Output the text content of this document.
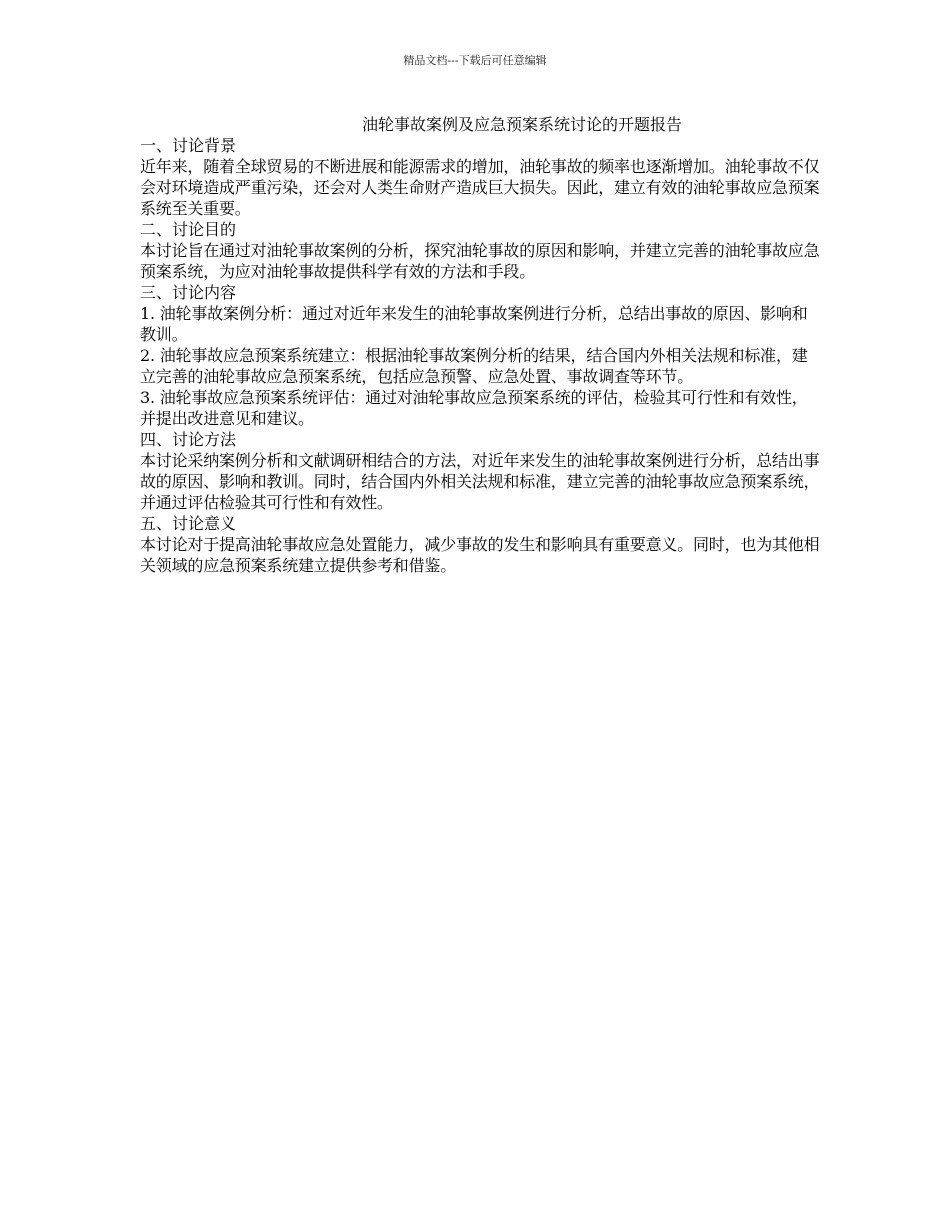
精品文档---下载后可任意编辑
油轮事故案例及应急预案系统讨论的开题报告

一、讨论背景

近年来，随着全球贸易的不断进展和能源需求的增加，油轮事故的频率也逐渐增加。油轮事故不仅会对环境造成严重污染，还会对人类生命财产造成巨大损失。因此，建立有效的油轮事故应急预案系统至关重要。

二、讨论目的

本讨论旨在通过对油轮事故案例的分析，探究油轮事故的原因和影响，并建立完善的油轮事故应急预案系统，为应对油轮事故提供科学有效的方法和手段。

三、讨论内容

1. 油轮事故案例分析：通过对近年来发生的油轮事故案例进行分析，总结出事故的原因、影响和教训。

2. 油轮事故应急预案系统建立：根据油轮事故案例分析的结果，结合国内外相关法规和标准，建立完善的油轮事故应急预案系统，包括应急预警、应急处置、事故调查等环节。

3. 油轮事故应急预案系统评估：通过对油轮事故应急预案系统的评估，检验其可行性和有效性，并提出改进意见和建议。

四、讨论方法

本讨论采纳案例分析和文献调研相结合的方法，对近年来发生的油轮事故案例进行分析，总结出事故的原因、影响和教训。同时，结合国内外相关法规和标准，建立完善的油轮事故应急预案系统，并通过评估检验其可行性和有效性。

五、讨论意义

本讨论对于提高油轮事故应急处置能力，减少事故的发生和影响具有重要意义。同时，也为其他相关领域的应急预案系统建立提供参考和借鉴。
